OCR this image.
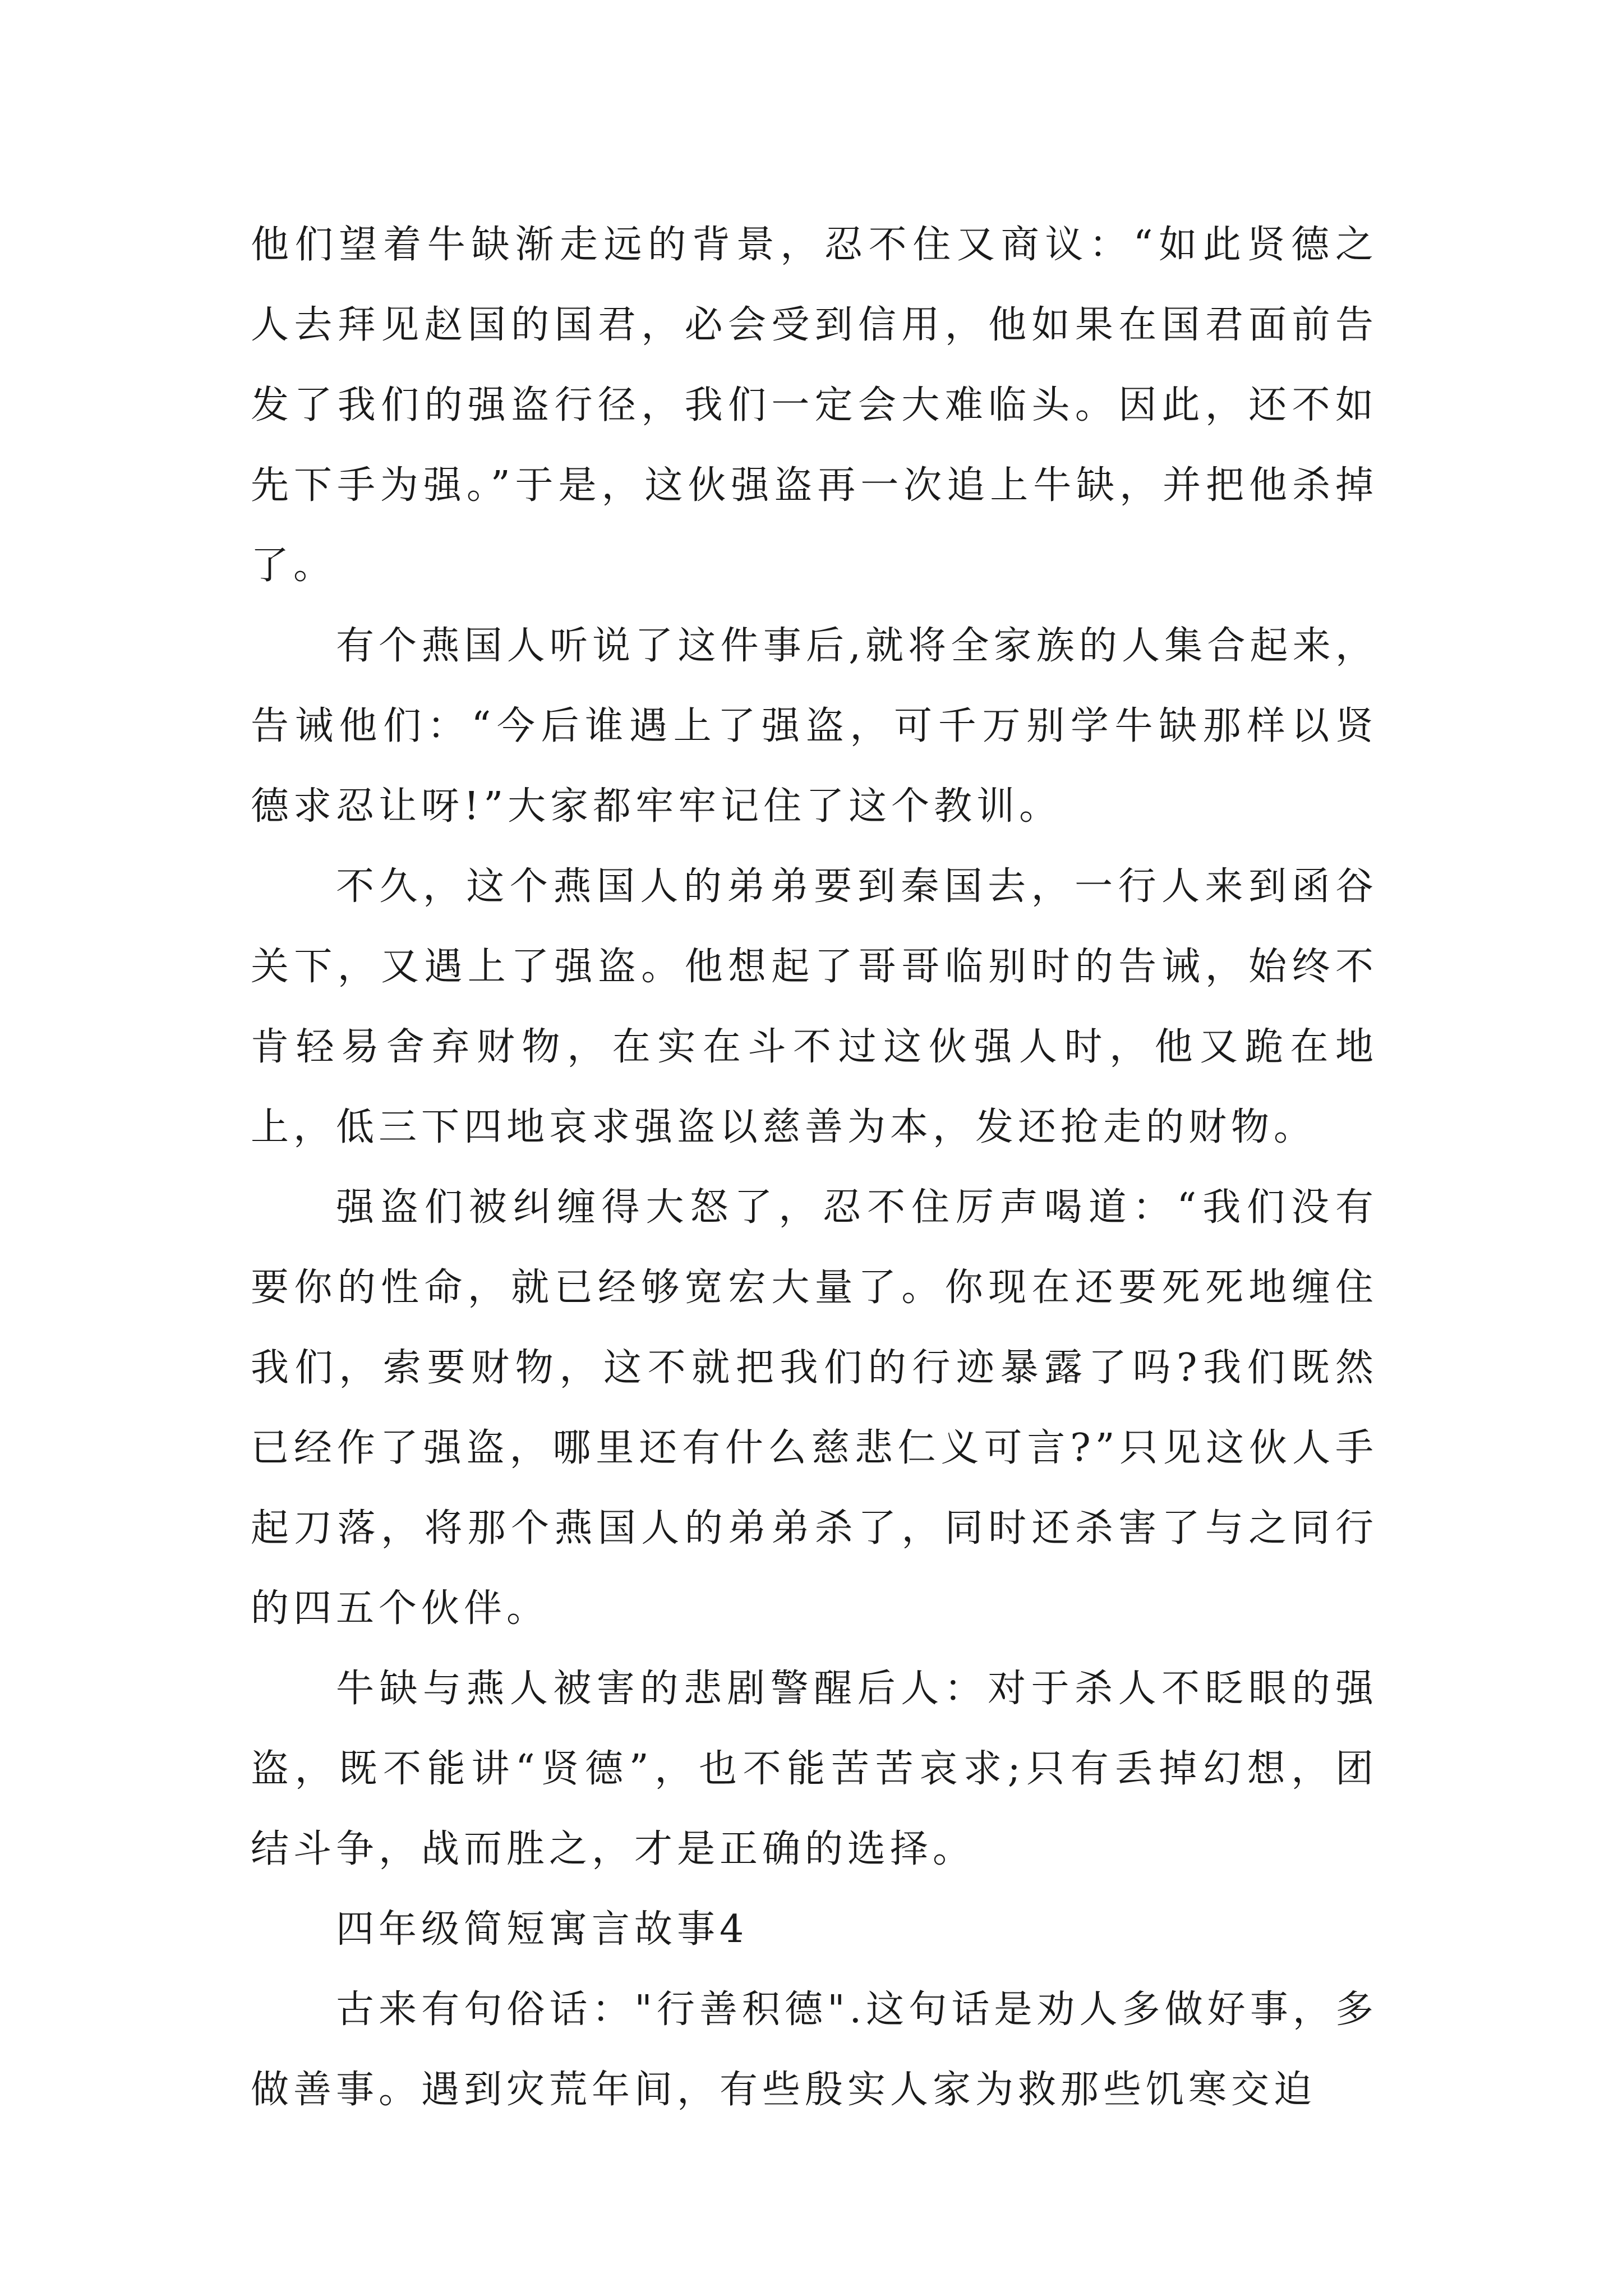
他们望着牛缺渐走远的背景，忍不住又商议：“如此贤德之人去拜见赵国的国君，必会受到信用，他如果在国君面前告发了我们的强盗行径，我们一定会大难临头。因此，还不如先下手为强。”于是，这伙强盗再一次追上牛缺，并把他杀掉了。

有个燕国人听说了这件事后,就将全家族的人集合起来，告诫他们：“今后谁遇上了强盗，可千万别学牛缺那样以贤德求忍让呀!”大家都牢牢记住了这个教训。

不久，这个燕国人的弟弟要到秦国去，一行人来到函谷关下，又遇上了强盗。他想起了哥哥临别时的告诫，始终不肯轻易舍弃财物，在实在斗不过这伙强人时，他又跪在地上，低三下四地哀求强盗以慈善为本，发还抢走的财物。

强盗们被纠缠得大怒了，忍不住厉声喝道：“我们没有要你的性命，就已经够宽宏大量了。你现在还要死死地缠住我们，索要财物，这不就把我们的行迹暴露了吗?我们既然已经作了强盗，哪里还有什么慈悲仁义可言?”只见这伙人手起刀落，将那个燕国人的弟弟杀了，同时还杀害了与之同行的四五个伙伴。

牛缺与燕人被害的悲剧警醒后人：对于杀人不眨眼的强盗，既不能讲“贤德”，也不能苦苦哀求;只有丢掉幻想，团结斗争，战而胜之，才是正确的选择。

四年级简短寓言故事4

古来有句俗话："行善积德".这句话是劝人多做好事，多做善事。遇到灾荒年间，有些殷实人家为救那些饥寒交迫
